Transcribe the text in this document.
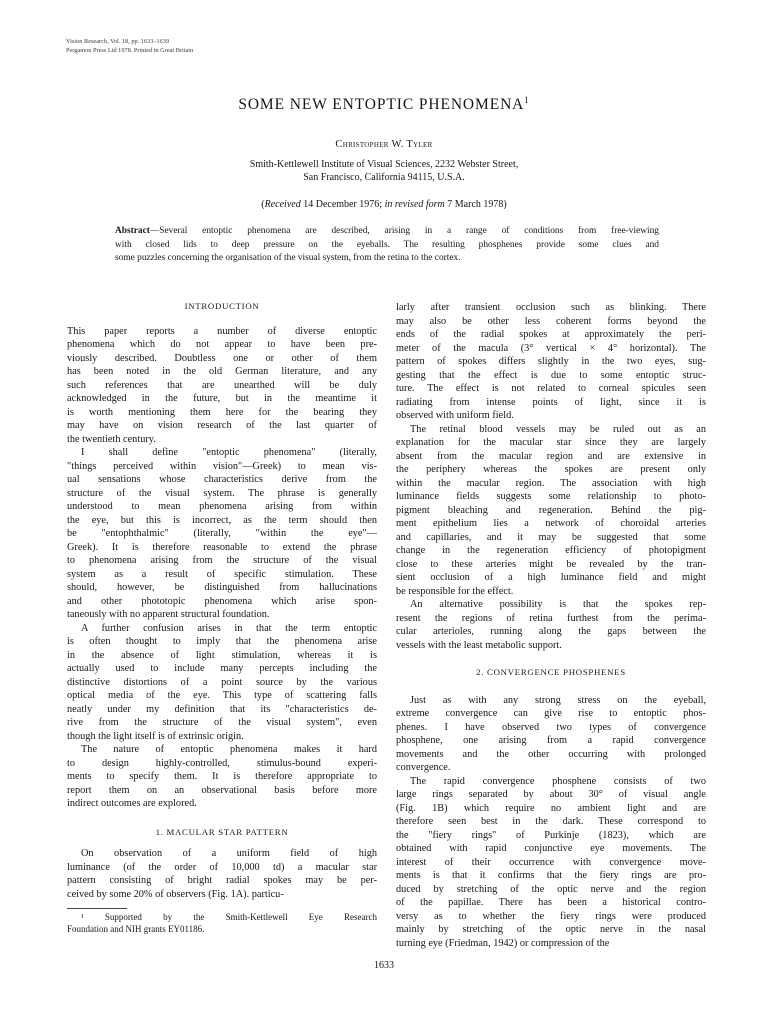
Vision Research, Vol. 18, pp. 1633–1639
Pergamon Press Ltd 1978. Printed in Great Britain
SOME NEW ENTOPTIC PHENOMENA$^1$
Christopher W. Tyler
Smith-Kettlewell Institute of Visual Sciences, 2232 Webster Street,
San Francisco, California 94115, U.S.A.
(Received 14 December 1976; in revised form 7 March 1978)
Abstract—Several entoptic phenomena are described, arising in a range of conditions from free-viewing
with closed lids to deep pressure on the eyeballs. The resulting phosphenes provide some clues and
some puzzles concerning the organisation of the visual system, from the retina to the cortex.
INTRODUCTION
This paper reports a number of diverse entoptic
phenomena which do not appear to have been pre-
viously described. Doubtless one or other of them
has been noted in the old German literature, and any
such references that are unearthed will be duly
acknowledged in the future, but in the meantime it
is worth mentioning them here for the bearing they
may have on vision research of the last quarter of
the twentieth century.
I shall define "entoptic phenomena" (literally,
"things perceived within vision"—Greek) to mean vis-
ual sensations whose characteristics derive from the
structure of the visual system. The phrase is generally
understood to mean phenomena arising from within
the eye, but this is incorrect, as the term should then
be "entophthalmic" (literally, "within the eye"—
Greek). It is therefore reasonable to extend the phrase
to phenomena arising from the structure of the visual
system as a result of specific stimulation. These
should, however, be distinguished from hallucinations
and other phototopic phenomena which arise spon-
taneously with no apparent structural foundation.
A further confusion arises in that the term entoptic
is often thought to imply that the phenomena arise
in the absence of light stimulation, whereas it is
actually used to include many percepts including the
distinctive distortions of a point source by the various
optical media of the eye. This type of scattering falls
neatly under my definition that its "characteristics de-
rive from the structure of the visual system", even
though the light itself is of extrinsic origin.
The nature of entoptic phenomena makes it hard
to design highly-controlled, stimulus-bound experi-
ments to specify them. It is therefore appropriate to
report them on an observational basis before more
indirect outcomes are explored.
1. MACULAR STAR PATTERN
On observation of a uniform field of high
luminance (of the order of 10,000 td) a macular star
pattern consisting of bright radial spokes may be per-
ceived by some 20% of observers (Fig. 1A). particu-
¹ Supported by the Smith-Kettlewell Eye Research
Foundation and NIH grants EY01186.
larly after transient occlusion such as blinking. There
may also be other less coherent forms beyond the
ends of the radial spokes at approximately the peri-
meter of the macula (3° vertical × 4° horizontal). The
pattern of spokes differs slightly in the two eyes, sug-
gesting that the effect is due to some entoptic struc-
ture. The effect is not related to corneal spicules seen
radiating from intense points of light, since it is
observed with uniform field.
The retinal blood vessels may be ruled out as an
explanation for the macular star since they are largely
absent from the macular region and are extensive in
the periphery whereas the spokes are present only
within the macular region. The association with high
luminance fields suggests some relationship to photo-
pigment bleaching and regeneration. Behind the pig-
ment epithelium lies a network of choroidal arteries
and capillaries, and it may be suggested that some
change in the regeneration efficiency of photopigment
close to these arteries might be revealed by the tran-
sient occlusion of a high luminance field and might
be responsible for the effect.
An alternative possibility is that the spokes rep-
resent the regions of retina furthest from the perima-
cular arterioles, running along the gaps between the
vessels with the least metabolic support.
2. CONVERGENCE PHOSPHENES
Just as with any strong stress on the eyeball,
extreme convergence can give rise to entoptic phos-
phenes. I have observed two types of convergence
phosphene, one arising from a rapid convergence
movements and the other occurring with prolonged
convergence.
The rapid convergence phosphene consists of two
large rings separated by about 30° of visual angle
(Fig. 1B) which require no ambient light and are
therefore seen best in the dark. These correspond to
the "fiery rings" of Purkinje (1823), which are
obtained with rapid conjunctive eye movements. The
interest of their occurrence with convergence move-
ments is that it confirms that the fiery rings are pro-
duced by stretching of the optic nerve and the region
of the papillae. There has been a historical contro-
versy as to whether the fiery rings were produced
mainly by stretching of the optic nerve in the nasal
turning eye (Friedman, 1942) or compression of the
1633
